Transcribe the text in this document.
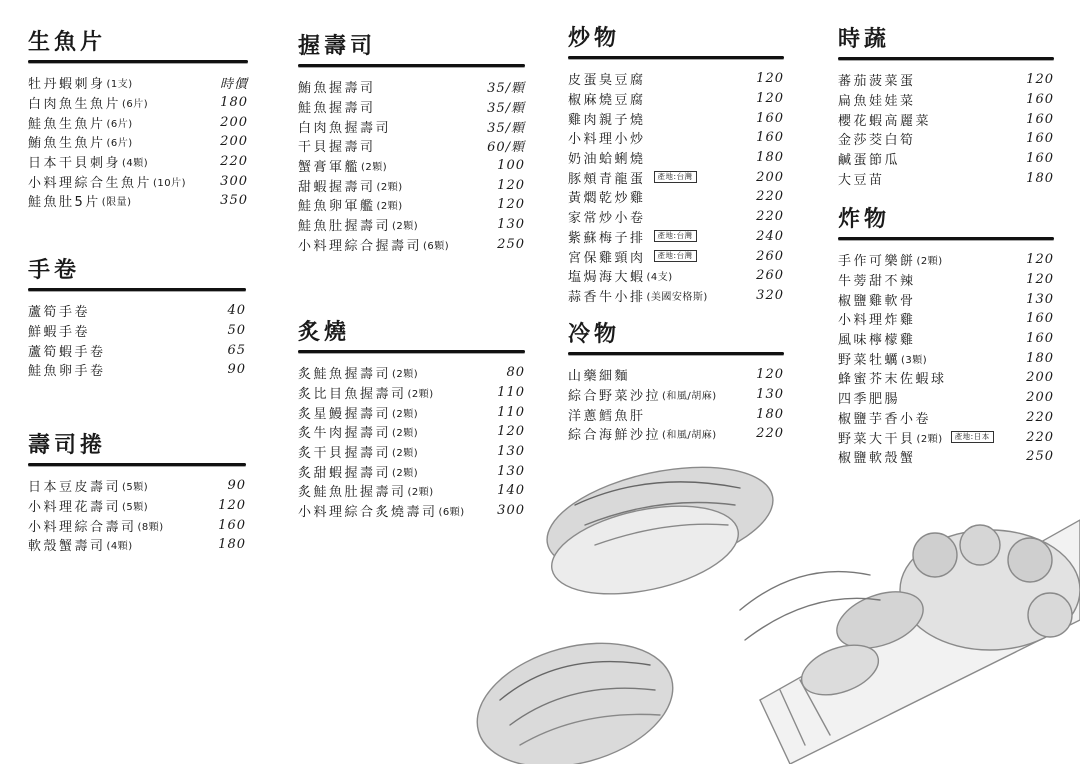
生魚片
牡丹蝦刺身 (1支)	時價
白肉魚生魚片 (6片)	180
鮭魚生魚片 (6片)	200
鮪魚生魚片 (6片)	200
日本干貝刺身 (4顆)	220
小料理綜合生魚片 (10片)	300
鮭魚肚5片 (限量)	350
手卷
蘆筍手卷	40
鮮蝦手卷	50
蘆筍蝦手卷	65
鮭魚卵手卷	90
壽司捲
日本豆皮壽司 (5顆)	90
小料理花壽司 (5顆)	120
小料理綜合壽司 (8顆)	160
軟殼蟹壽司 (4顆)	180
握壽司
鮪魚握壽司	35/顆
鮭魚握壽司	35/顆
白肉魚握壽司	35/顆
干貝握壽司	60/顆
蟹膏軍艦 (2顆)	100
甜蝦握壽司 (2顆)	120
鮭魚卵軍艦 (2顆)	120
鮭魚肚握壽司 (2顆)	130
小料理綜合握壽司 (6顆)	250
炙燒
炙鮭魚握壽司 (2顆)	80
炙比目魚握壽司 (2顆)	110
炙星鰻握壽司 (2顆)	110
炙牛肉握壽司 (2顆)	120
炙干貝握壽司 (2顆)	130
炙甜蝦握壽司 (2顆)	130
炙鮭魚肚握壽司 (2顆)	140
小料理綜合炙燒壽司 (6顆) 300
炒物
皮蛋臭豆腐	120
椒麻燒豆腐	120
雞肉親子燒	160
小料理小炒	160
奶油蛤蜊燒	180
豚頰青龍蛋	產地:台灣	200
黃燜乾炒雞	220
家常炒小卷	220
紫蘇梅子排	產地:台灣	240
宮保雞頸肉	產地:台灣	260
塩焗海大蝦 (4支)	260
蒜香牛小排 (美國安格斯)	320
冷物
山藥細麵	120
綜合野菜沙拉 (和風/胡麻)	130
洋蔥鱈魚肝	180
綜合海鮮沙拉 (和風/胡麻)	220
時蔬
蕃茄菠菜蛋	120
扁魚娃娃菜	160
櫻花蝦高麗菜	160
金莎茭白筍	160
鹹蛋節瓜	160
大豆苗	180
炸物
手作可樂餅 (2顆)	120
牛蒡甜不辣	120
椒鹽雞軟骨	130
小料理炸雞	160
風味檸檬雞	160
野菜牡蠣 (3顆)	180
蜂蜜芥末佐蝦球	200
四季肥腸	200
椒鹽芋香小卷	220
野菜大干貝 (2顆)	產地:日本	220
椒鹽軟殼蟹	250
